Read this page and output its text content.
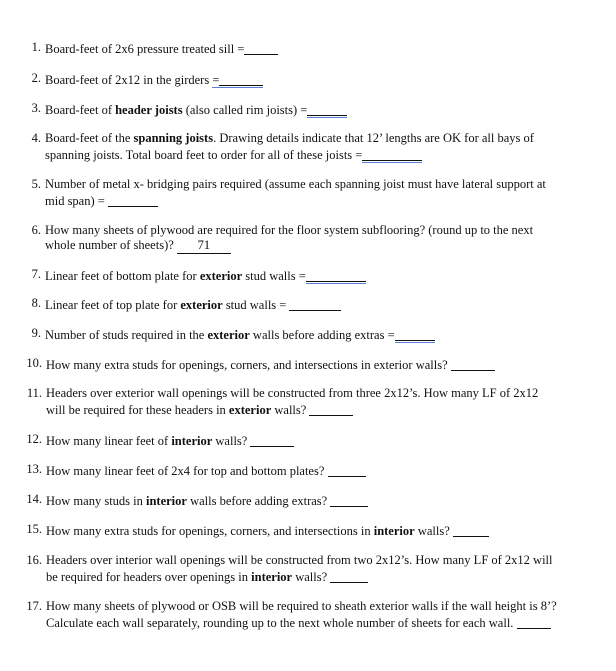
1. Board-feet of 2x6 pressure treated sill =
2. Board-feet of 2x12 in the girders =
3. Board-feet of header joists (also called rim joists) =
4. Board-feet of the spanning joists. Drawing details indicate that 12’ lengths are OK for all bays of
spanning joists. Total board feet to order for all of these joists =
5. Number of metal x- bridging pairs required (assume each spanning joist must have lateral support at
mid span) =
6. How many sheets of plywood are required for the floor system subflooring? (round up to the next
whole number of sheets)? 71
7. Linear feet of bottom plate for exterior stud walls =
8. Linear feet of top plate for exterior stud walls =
9. Number of studs required in the exterior walls before adding extras =
10. How many extra studs for openings, corners, and intersections in exterior walls?
11. Headers over exterior wall openings will be constructed from three 2x12’s. How many LF of 2x12
will be required for these headers in exterior walls?
12. How many linear feet of interior walls?
13. How many linear feet of 2x4 for top and bottom plates?
14. How many studs in interior walls before adding extras?
15. How many extra studs for openings, corners, and intersections in interior walls?
16. Headers over interior wall openings will be constructed from two 2x12’s. How many LF of 2x12 will
be required for headers over openings in interior walls?
17. How many sheets of plywood or OSB will be required to sheath exterior walls if the wall height is 8’?
Calculate each wall separately, rounding up to the next whole number of sheets for each wall.
